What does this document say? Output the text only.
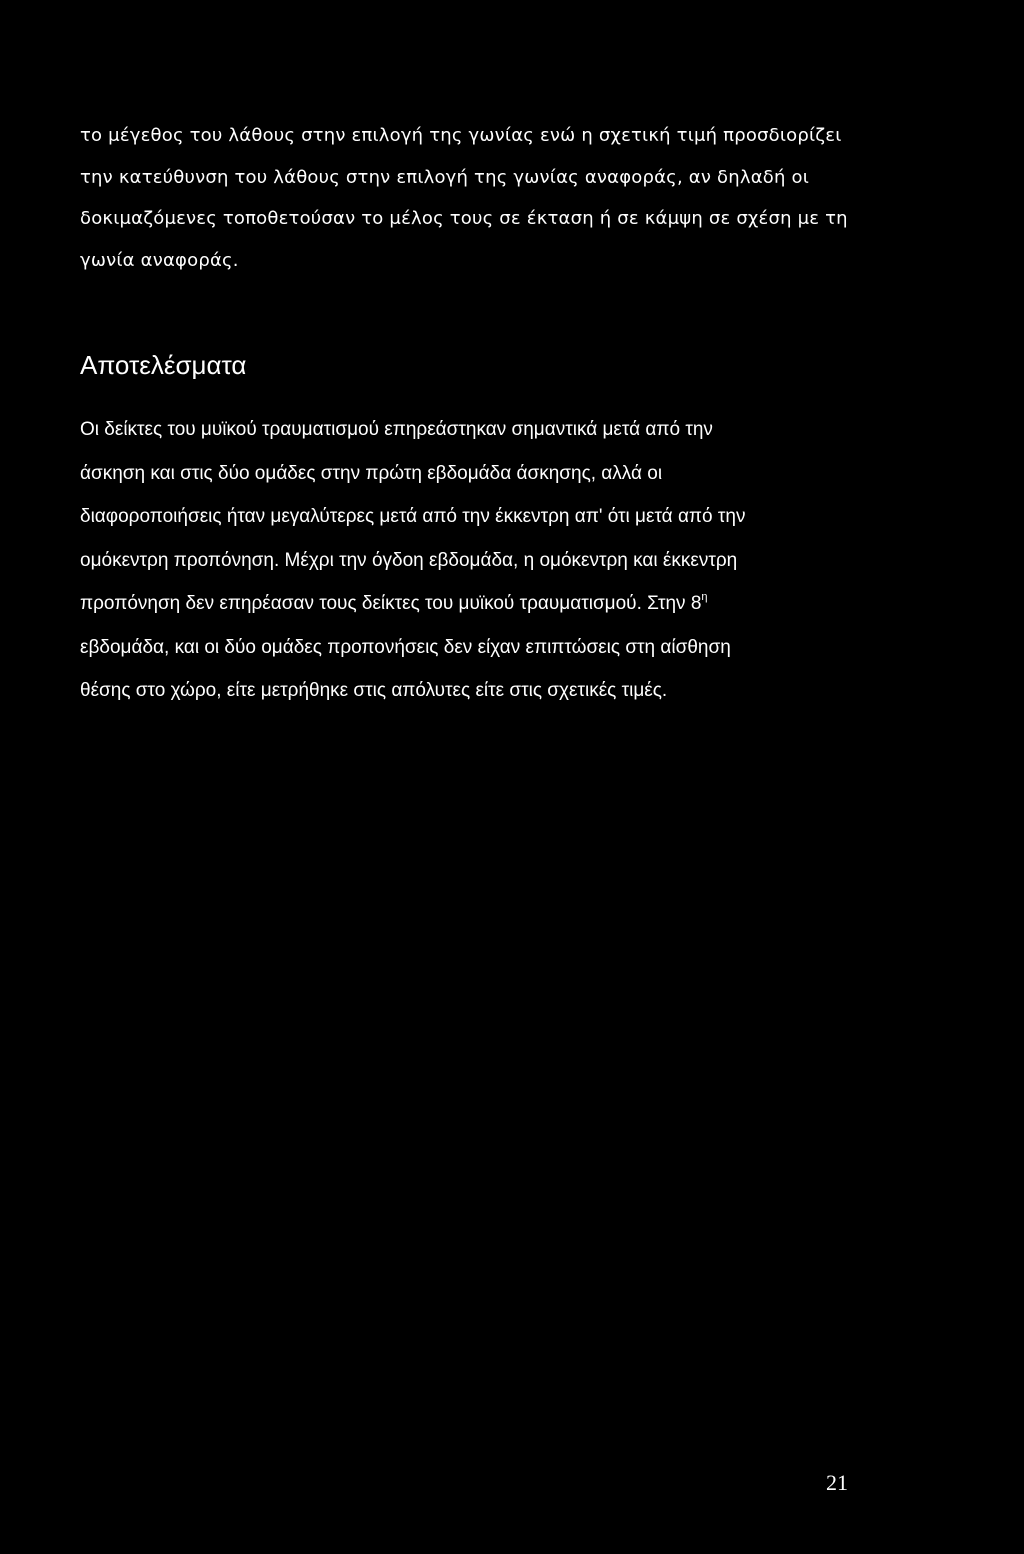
το μέγεθος του λάθους στην επιλογή της γωνίας ενώ η σχετική τιμή προσδιορίζει
την κατεύθυνση του λάθους στην επιλογή της γωνίας αναφοράς, αν δηλαδή οι
δοκιμαζόμενες τοποθετούσαν το μέλος τους σε έκταση ή σε κάμψη σε σχέση με τη
γωνία αναφοράς.

Αποτελέσματα

Οι δείκτες του μυϊκού τραυματισμού επηρεάστηκαν σημαντικά μετά από την
άσκηση και στις δύο ομάδες στην πρώτη εβδομάδα άσκησης, αλλά οι
διαφοροποιήσεις ήταν μεγαλύτερες μετά από την έκκεντρη απ' ότι μετά από την
ομόκεντρη προπόνηση. Μέχρι την όγδοη εβδομάδα, η ομόκεντρη και έκκεντρη
προπόνηση δεν επηρέασαν τους δείκτες του μυϊκού τραυματισμού. Στην $8^\eta$
εβδομάδα, και οι δύο ομάδες προπονήσεις δεν είχαν επιπτώσεις στη αίσθηση
θέσης στο χώρο, είτε μετρήθηκε στις απόλυτες είτε στις σχετικές τιμές.

21
